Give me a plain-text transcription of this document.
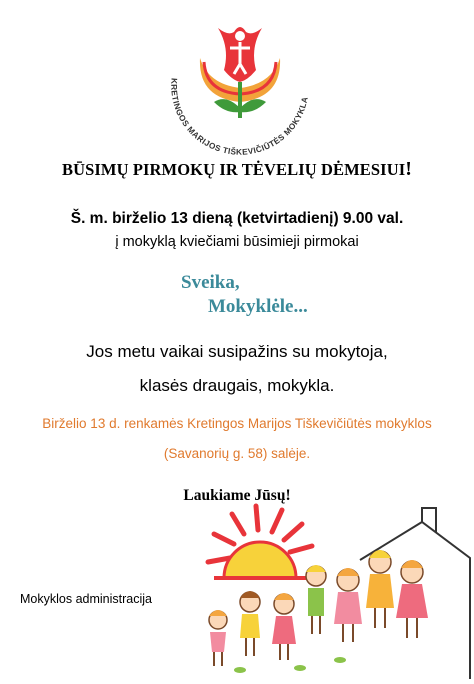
KRETINGOS MARIJOS TIŠKEVIČIŪTĖS MOKYKLA
BŪSIMŲ PIRMOKŲ IR TĖVELIŲ DĖMESIUI!
Š. m. birželio 13 dieną (ketvirtadienį) 9.00 val.
į mokyklą kviečiami būsimieji pirmokai
Sveika,
Mokyklėle...
Jos metu vaikai susipažins su mokytoja,
klasės draugais, mokykla.
Birželio 13 d. renkamės Kretingos Marijos Tiškevičiūtės mokyklos
(Savanorių g. 58) salėje.
Laukiame Jūsų!
Mokyklos administracija
